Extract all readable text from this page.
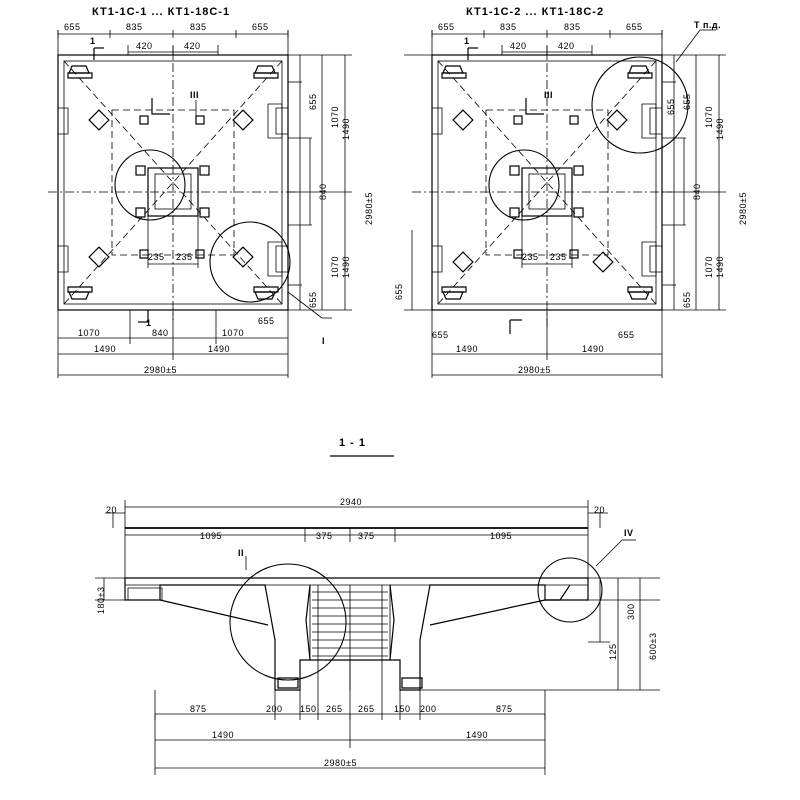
КТ1-1С-1 ... КТ1-18С-1	КТ1-1С-2 ... КТ1-18С-2
1 - 1
Т п.д.
655	835	835	655
420	420
655
1070
840
1070
655
1490
1490
2980±5
1070	840	1070
1490	1490
2980±5
235 235
1
1
I
III
655
655	835	835	655
420	420
655
1070
840
1070
655
1490
1490
2980±5
655
655	655
1490	1490
2980±5
235 235
1
III
655
20	20
2940
1095	375	375	1095
180±3	300
600±3
125
875	200 150 265 265 150 200	875
1490	1490
2980±5
II
IV
